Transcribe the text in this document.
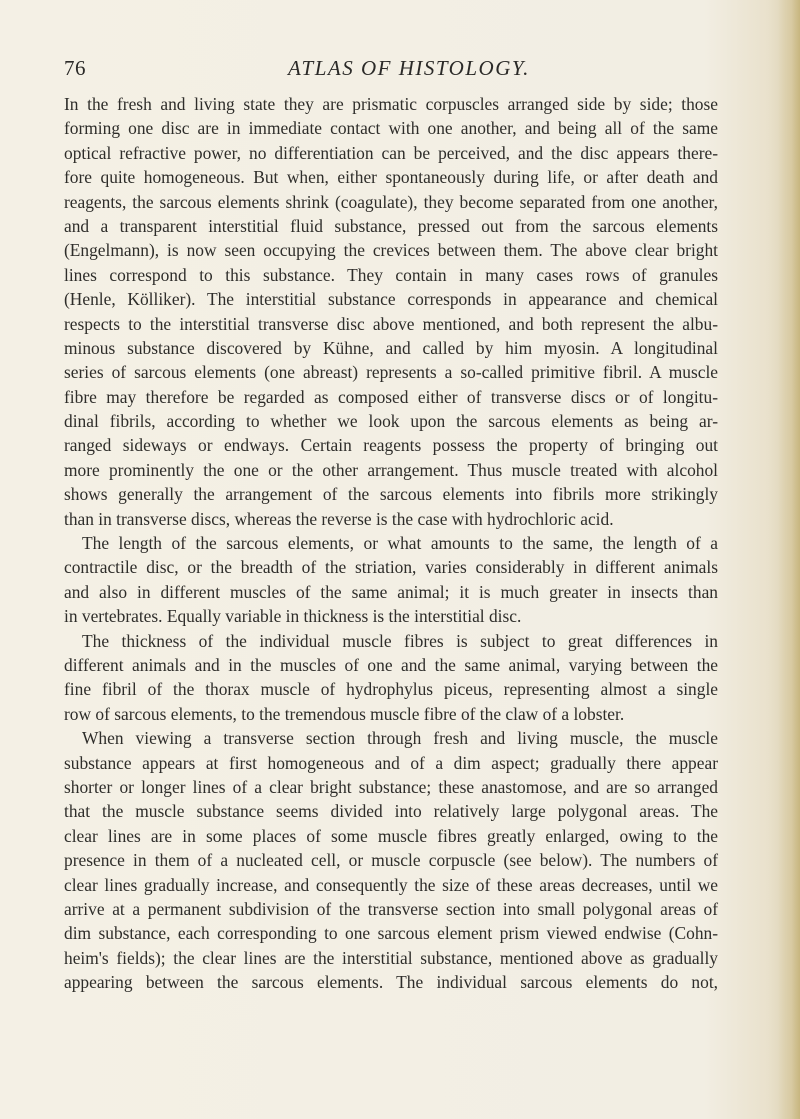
76	ATLAS OF HISTOLOGY.
In the fresh and living state they are prismatic corpuscles arranged side by side; those
forming one disc are in immediate contact with one another, and being all of the same
optical refractive power, no differentiation can be perceived, and the disc appears there-
fore quite homogeneous. But when, either spontaneously during life, or after death and
reagents, the sarcous elements shrink (coagulate), they become separated from one another,
and a transparent interstitial fluid substance, pressed out from the sarcous elements
(Engelmann), is now seen occupying the crevices between them. The above clear bright
lines correspond to this substance. They contain in many cases rows of granules
(Henle, Kölliker). The interstitial substance corresponds in appearance and chemical
respects to the interstitial transverse disc above mentioned, and both represent the albu-
minous substance discovered by Kühne, and called by him myosin. A longitudinal
series of sarcous elements (one abreast) represents a so-called primitive fibril. A muscle
fibre may therefore be regarded as composed either of transverse discs or of longitu-
dinal fibrils, according to whether we look upon the sarcous elements as being ar-
ranged sideways or endways. Certain reagents possess the property of bringing out
more prominently the one or the other arrangement. Thus muscle treated with alcohol
shows generally the arrangement of the sarcous elements into fibrils more strikingly
than in transverse discs, whereas the reverse is the case with hydrochloric acid.
The length of the sarcous elements, or what amounts to the same, the length of a
contractile disc, or the breadth of the striation, varies considerably in different animals
and also in different muscles of the same animal; it is much greater in insects than
in vertebrates. Equally variable in thickness is the interstitial disc.
The thickness of the individual muscle fibres is subject to great differences in
different animals and in the muscles of one and the same animal, varying between the
fine fibril of the thorax muscle of hydrophylus piceus, representing almost a single
row of sarcous elements, to the tremendous muscle fibre of the claw of a lobster.
When viewing a transverse section through fresh and living muscle, the muscle
substance appears at first homogeneous and of a dim aspect; gradually there appear
shorter or longer lines of a clear bright substance; these anastomose, and are so arranged
that the muscle substance seems divided into relatively large polygonal areas. The
clear lines are in some places of some muscle fibres greatly enlarged, owing to the
presence in them of a nucleated cell, or muscle corpuscle (see below). The numbers of
clear lines gradually increase, and consequently the size of these areas decreases, until we
arrive at a permanent subdivision of the transverse section into small polygonal areas of
dim substance, each corresponding to one sarcous element prism viewed endwise (Cohn-
heim's fields); the clear lines are the interstitial substance, mentioned above as gradually
appearing between the sarcous elements. The individual sarcous elements do not,
